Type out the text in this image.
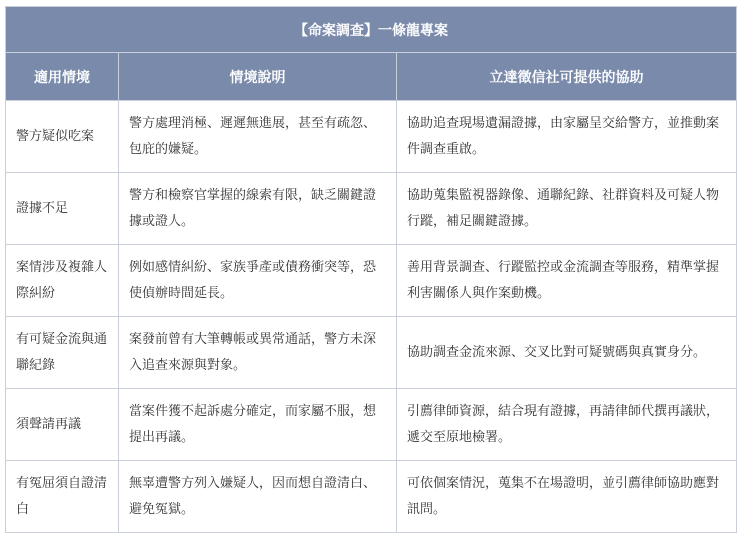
【命案調查】一條龍專案		
適用情境	情境說明	立達徵信社可提供的協助
警方疑似吃案	警方處理消極、遲遲無進展，甚至有疏忽、包庇的嫌疑。	協助追查現場遺漏證據，由家屬呈交給警方，並推動案件調查重啟。
證據不足	警方和檢察官掌握的線索有限，缺乏關鍵證據或證人。	協助蒐集監視器錄像、通聯紀錄、社群資料及可疑人物行蹤，補足關鍵證據。
案情涉及複雜人際糾紛	例如感情糾紛、家族爭產或債務衝突等，恐使偵辦時間延長。	善用背景調查、行蹤監控或金流調查等服務，精準掌握利害關係人與作案動機。
有可疑金流與通聯紀錄	案發前曾有大筆轉帳或異常通話，警方未深入追查來源與對象。	協助調查金流來源、交叉比對可疑號碼與真實身分。
須聲請再議	當案件獲不起訴處分確定，而家屬不服，想提出再議。	引薦律師資源，結合現有證據，再請律師代撰再議狀，遞交至原地檢署。
有冤屈須自證清白	無辜遭警方列入嫌疑人，因而想自證清白、避免冤獄。	可依個案情況，蒐集不在場證明，並引薦律師協助應對訊問。
